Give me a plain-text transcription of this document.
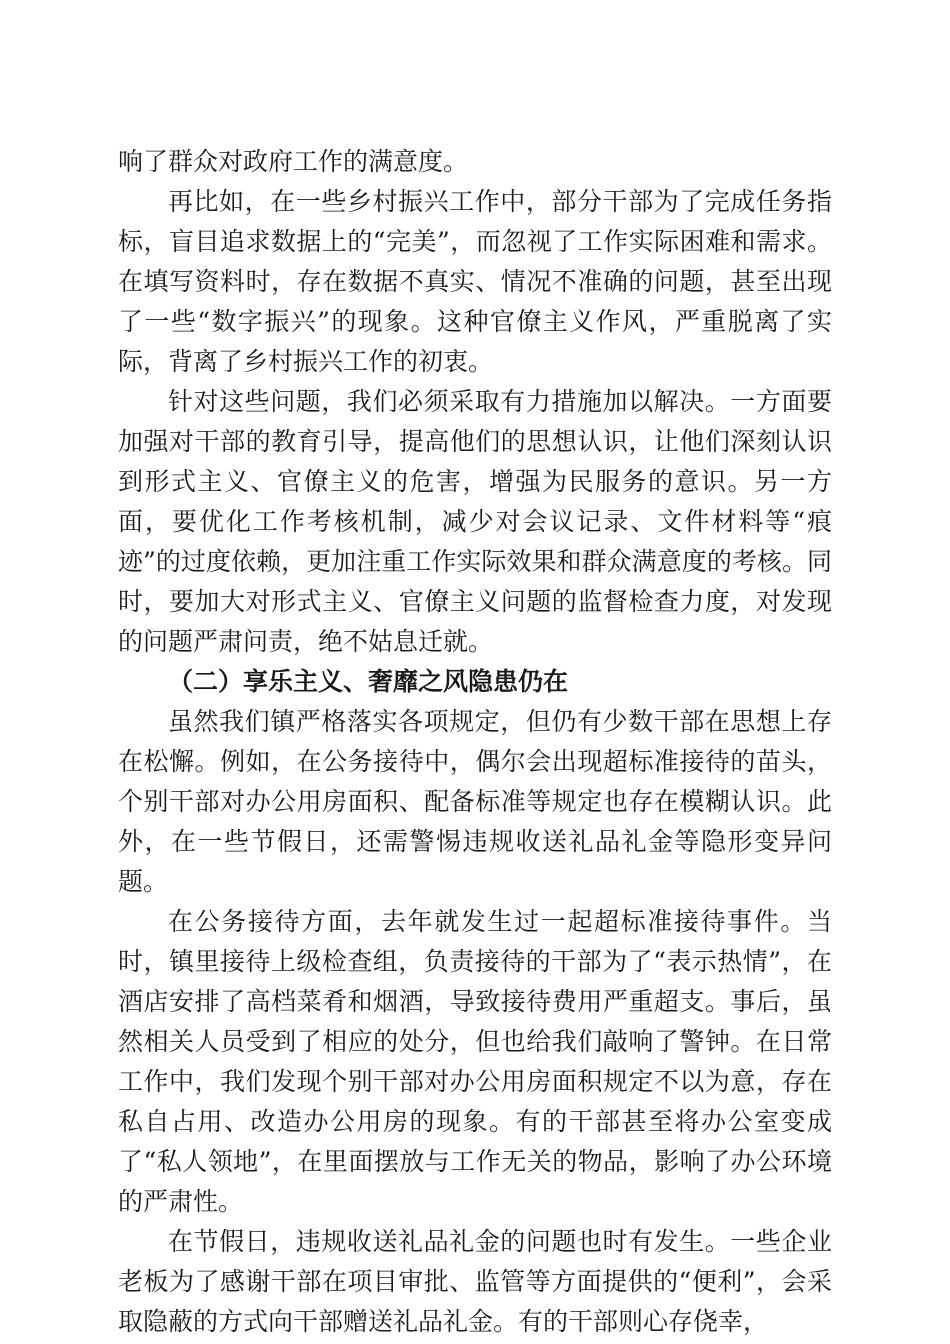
响了群众对政府工作的满意度。

再比如，在一些乡村振兴工作中，部分干部为了完成任务指标，盲目追求数据上的“完美”，而忽视了工作实际困难和需求。在填写资料时，存在数据不真实、情况不准确的问题，甚至出现了一些“数字振兴”的现象。这种官僚主义作风，严重脱离了实际，背离了乡村振兴工作的初衷。

针对这些问题，我们必须采取有力措施加以解决。一方面要加强对干部的教育引导，提高他们的思想认识，让他们深刻认识到形式主义、官僚主义的危害，增强为民服务的意识。另一方面，要优化工作考核机制，减少对会议记录、文件材料等“痕迹”的过度依赖，更加注重工作实际效果和群众满意度的考核。同时，要加大对形式主义、官僚主义问题的监督检查力度，对发现的问题严肃问责，绝不姑息迁就。

（二）享乐主义、奢靡之风隐患仍在

虽然我们镇严格落实各项规定，但仍有少数干部在思想上存在松懈。例如，在公务接待中，偶尔会出现超标准接待的苗头，个别干部对办公用房面积、配备标准等规定也存在模糊认识。此外，在一些节假日，还需警惕违规收送礼品礼金等隐形变异问题。

在公务接待方面，去年就发生过一起超标准接待事件。当时，镇里接待上级检查组，负责接待的干部为了“表示热情”，在酒店安排了高档菜肴和烟酒，导致接待费用严重超支。事后，虽然相关人员受到了相应的处分，但也给我们敲响了警钟。在日常工作中，我们发现个别干部对办公用房面积规定不以为意，存在私自占用、改造办公用房的现象。有的干部甚至将办公室变成了“私人领地”，在里面摆放与工作无关的物品，影响了办公环境的严肃性。

在节假日，违规收送礼品礼金的问题也时有发生。一些企业老板为了感谢干部在项目审批、监管等方面提供的“便利”，会采取隐蔽的方式向干部赠送礼品礼金。有的干部则心存侥幸，
